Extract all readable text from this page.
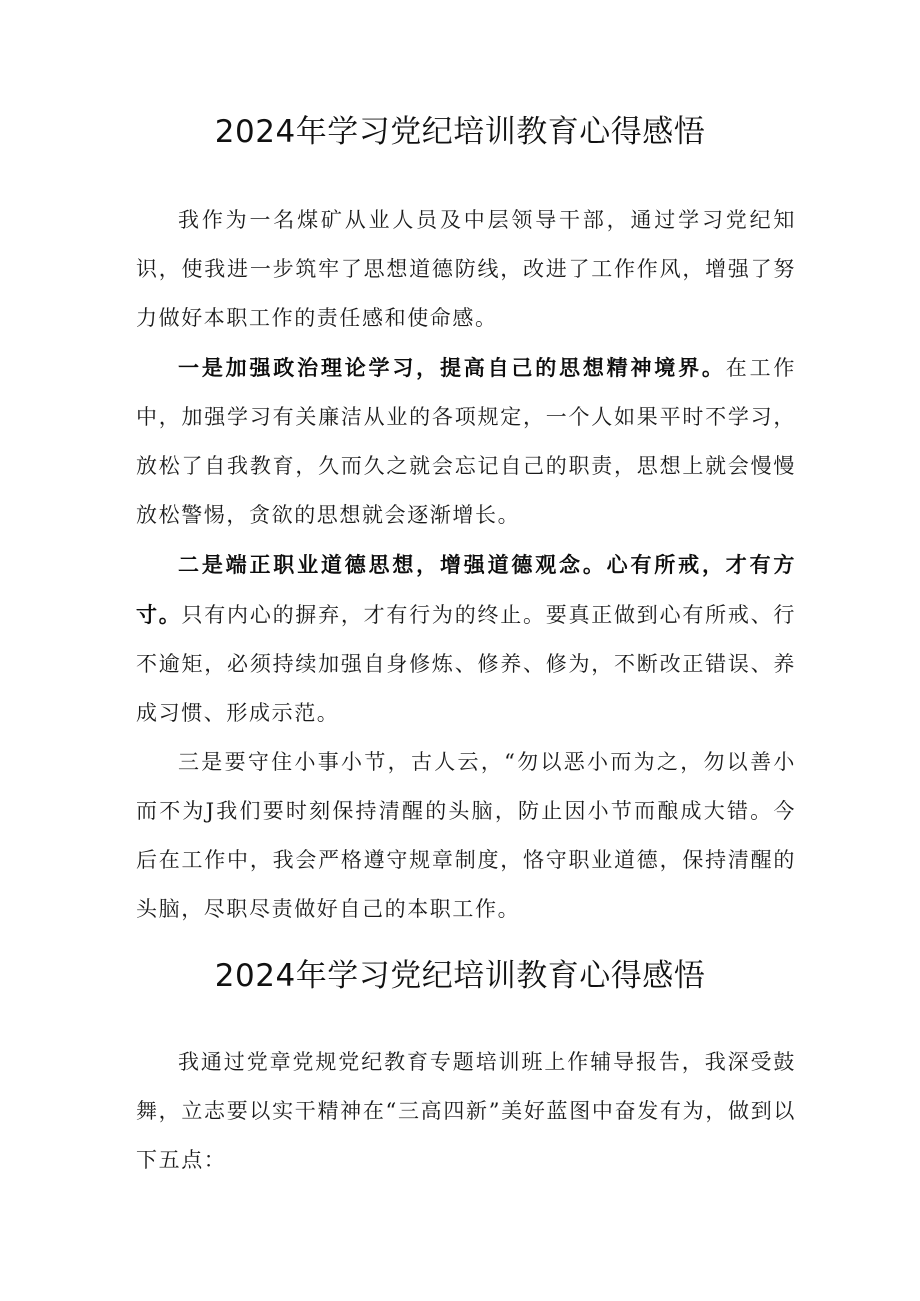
2024年学习党纪培训教育心得感悟

我作为一名煤矿从业人员及中层领导干部，通过学习党纪知识，使我进一步筑牢了思想道德防线，改进了工作作风，增强了努力做好本职工作的责任感和使命感。

一是加强政治理论学习，提高自己的思想精神境界。在工作中，加强学习有关廉洁从业的各项规定，一个人如果平时不学习，放松了自我教育，久而久之就会忘记自己的职责，思想上就会慢慢放松警惕，贪欲的思想就会逐渐增长。

二是端正职业道德思想，增强道德观念。心有所戒，才有方寸。只有内心的摒弃，才有行为的终止。要真正做到心有所戒、行不逾矩，必须持续加强自身修炼、修养、修为，不断改正错误、养成习惯、形成示范。

三是要守住小事小节，古人云，“勿以恶小而为之，勿以善小而不为J我们要时刻保持清醒的头脑，防止因小节而酿成大错。今后在工作中，我会严格遵守规章制度，恪守职业道德，保持清醒的头脑，尽职尽责做好自己的本职工作。

2024年学习党纪培训教育心得感悟

我通过党章党规党纪教育专题培训班上作辅导报告，我深受鼓舞，立志要以实干精神在“三高四新”美好蓝图中奋发有为，做到以下五点：
